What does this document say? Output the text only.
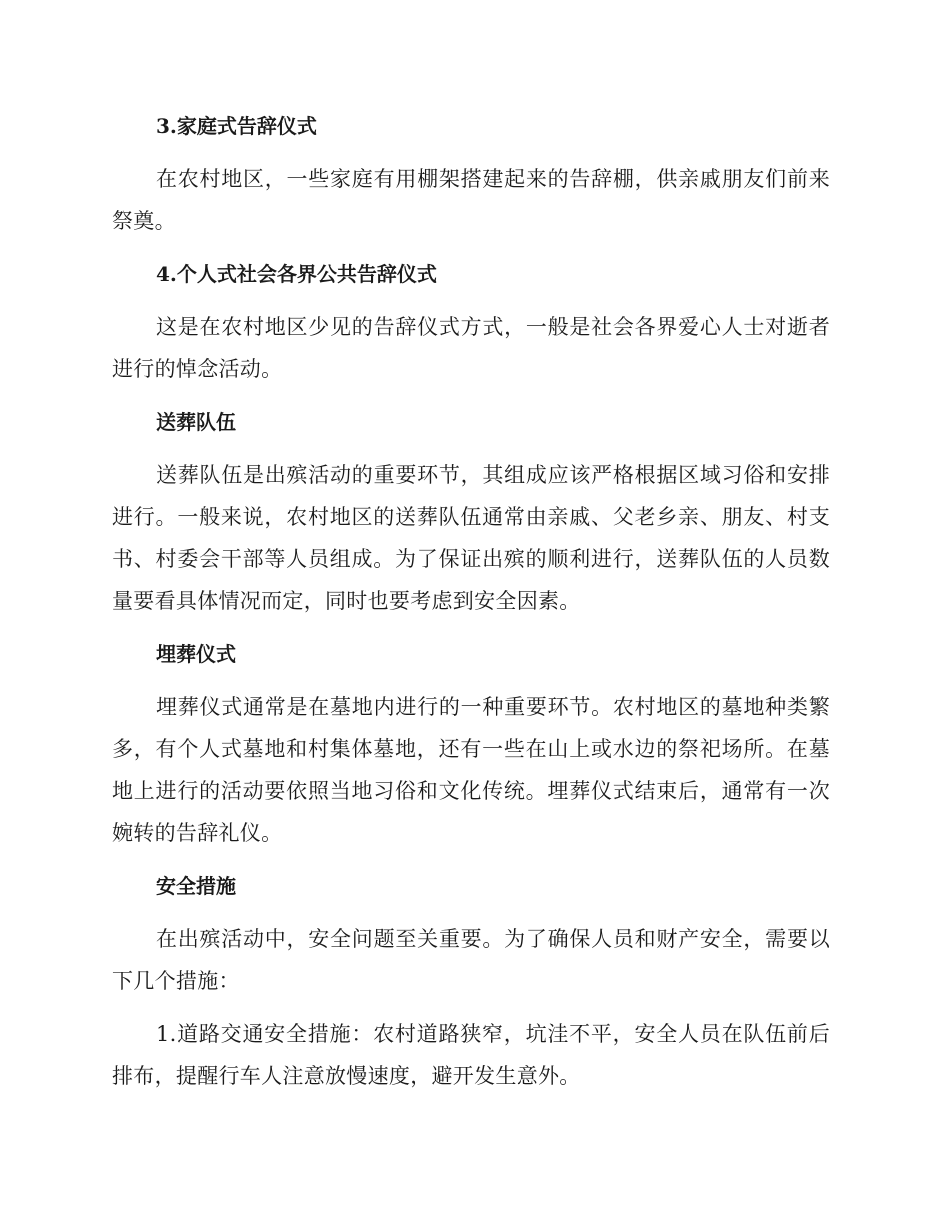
3.家庭式告辞仪式
在农村地区，一些家庭有用棚架搭建起来的告辞棚，供亲戚朋友们前来祭奠。
4.个人式社会各界公共告辞仪式
这是在农村地区少见的告辞仪式方式，一般是社会各界爱心人士对逝者进行的悼念活动。
送葬队伍
送葬队伍是出殡活动的重要环节，其组成应该严格根据区域习俗和安排进行。一般来说，农村地区的送葬队伍通常由亲戚、父老乡亲、朋友、村支书、村委会干部等人员组成。为了保证出殡的顺利进行，送葬队伍的人员数量要看具体情况而定，同时也要考虑到安全因素。
埋葬仪式
埋葬仪式通常是在墓地内进行的一种重要环节。农村地区的墓地种类繁多，有个人式墓地和村集体墓地，还有一些在山上或水边的祭祀场所。在墓地上进行的活动要依照当地习俗和文化传统。埋葬仪式结束后，通常有一次婉转的告辞礼仪。
安全措施
在出殡活动中，安全问题至关重要。为了确保人员和财产安全，需要以下几个措施：
1.道路交通安全措施：农村道路狭窄，坑洼不平，安全人员在队伍前后排布，提醒行车人注意放慢速度，避开发生意外。
